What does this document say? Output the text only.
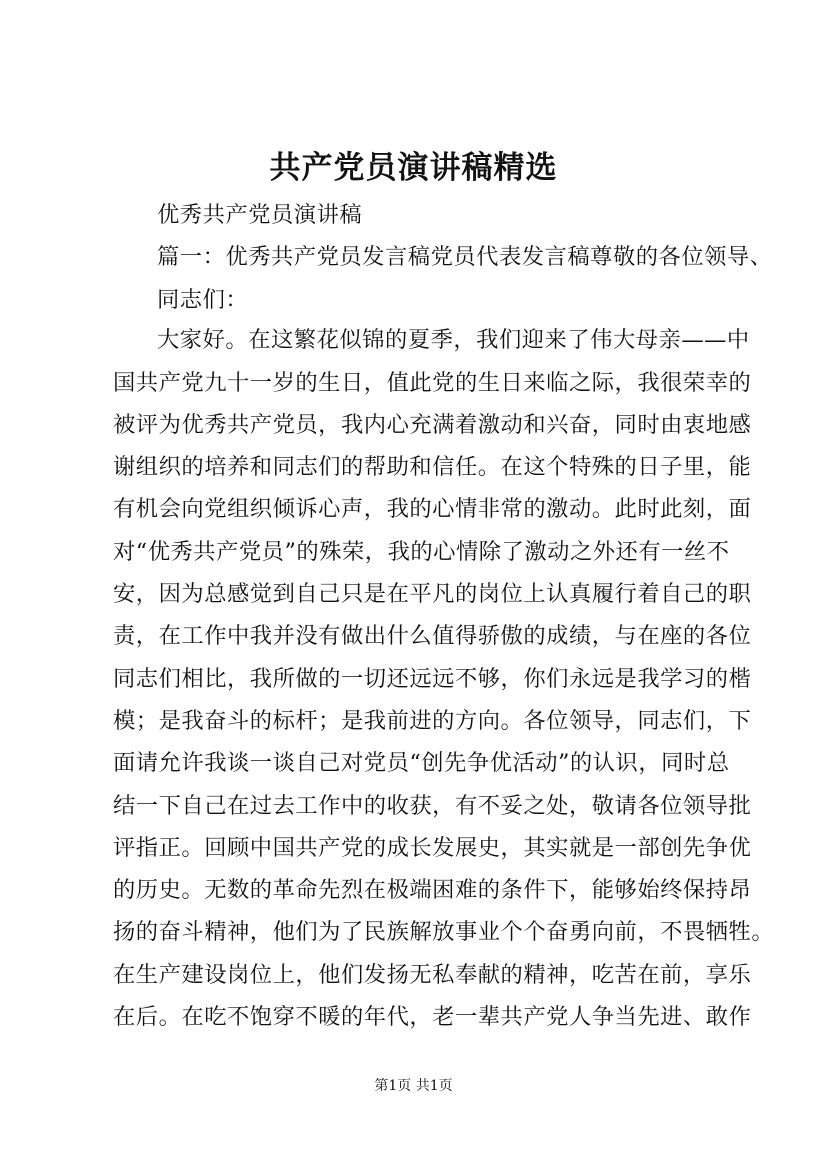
共产党员演讲稿精选
优秀共产党员演讲稿
篇一：优秀共产党员发言稿党员代表发言稿尊敬的各位领导、
同志们：
大家好。在这繁花似锦的夏季，我们迎来了伟大母亲——中
国共产党九十一岁的生日，值此党的生日来临之际，我很荣幸的
被评为优秀共产党员，我内心充满着激动和兴奋，同时由衷地感
谢组织的培养和同志们的帮助和信任。在这个特殊的日子里，能
有机会向党组织倾诉心声，我的心情非常的激动。此时此刻，面
对“优秀共产党员”的殊荣，我的心情除了激动之外还有一丝不
安，因为总感觉到自己只是在平凡的岗位上认真履行着自己的职
责，在工作中我并没有做出什么值得骄傲的成绩，与在座的各位
同志们相比，我所做的一切还远远不够，你们永远是我学习的楷
模；是我奋斗的标杆；是我前进的方向。各位领导，同志们，下
面请允许我谈一谈自己对党员“创先争优活动”的认识，同时总
结一下自己在过去工作中的收获，有不妥之处，敬请各位领导批
评指正。回顾中国共产党的成长发展史，其实就是一部创先争优
的历史。无数的革命先烈在极端困难的条件下，能够始终保持昂
扬的奋斗精神，他们为了民族解放事业个个奋勇向前，不畏牺牲。
在生产建设岗位上，他们发扬无私奉献的精神，吃苦在前，享乐
在后。在吃不饱穿不暖的年代，老一辈共产党人争当先进、敢作
第1页 共1页
